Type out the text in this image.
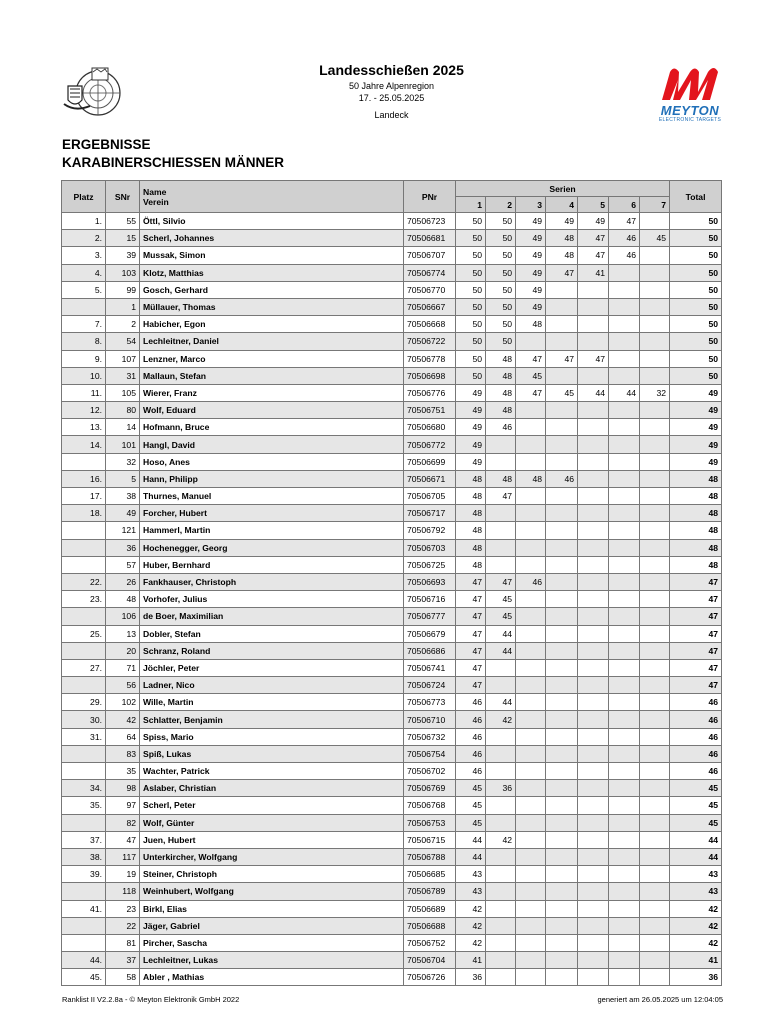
Landesschießen 2025
50 Jahre Alpenregion
17. - 25.05.2025
Landeck	MEYTON
ELECTRONIC TARGETS
ERGEBNISSE
KARABINERSCHIESSEN MÄNNER
Platz	SNr	Name
Verein	PNr	Serien							Total
				1	2	3	4	5	6	7	
1.	55	Öttl, Silvio	70506723	50	50	49	49	49	47		50
2.	15	Scherl, Johannes	70506681	50	50	49	48	47	46	45	50
3.	39	Mussak, Simon	70506707	50	50	49	48	47	46		50
4.	103	Klotz, Matthias	70506774	50	50	49	47	41			50
5.	99	Gosch, Gerhard	70506770	50	50	49					50
	1	Müllauer, Thomas	70506667	50	50	49					50
7.	2	Habicher, Egon	70506668	50	50	48					50
8.	54	Lechleitner, Daniel	70506722	50	50						50
9.	107	Lenzner, Marco	70506778	50	48	47	47	47			50
10.	31	Mallaun, Stefan	70506698	50	48	45					50
11.	105	Wierer, Franz	70506776	49	48	47	45	44	44	32	49
12.	80	Wolf, Eduard	70506751	49	48						49
13.	14	Hofmann, Bruce	70506680	49	46						49
14.	101	Hangl, David	70506772	49							49
	32	Hoso, Anes	70506699	49							49
16.	5	Hann, Philipp	70506671	48	48	48	46				48
17.	38	Thurnes, Manuel	70506705	48	47						48
18.	49	Forcher, Hubert	70506717	48							48
	121	Hammerl, Martin	70506792	48							48
	36	Hochenegger, Georg	70506703	48							48
	57	Huber, Bernhard	70506725	48							48
22.	26	Fankhauser, Christoph	70506693	47	47	46					47
23.	48	Vorhofer, Julius	70506716	47	45						47
	106	de Boer, Maximilian	70506777	47	45						47
25.	13	Dobler, Stefan	70506679	47	44						47
	20	Schranz, Roland	70506686	47	44						47
27.	71	Jöchler, Peter	70506741	47							47
	56	Ladner, Nico	70506724	47							47
29.	102	Wille, Martin	70506773	46	44						46
30.	42	Schlatter, Benjamin	70506710	46	42						46
31.	64	Spiss, Mario	70506732	46							46
	83	Spiß, Lukas	70506754	46							46
	35	Wachter, Patrick	70506702	46							46
34.	98	Aslaber, Christian	70506769	45	36						45
35.	97	Scherl, Peter	70506768	45							45
	82	Wolf, Günter	70506753	45							45
37.	47	Juen, Hubert	70506715	44	42						44
38.	117	Unterkircher, Wolfgang	70506788	44							44
39.	19	Steiner, Christoph	70506685	43							43
	118	Weinhubert, Wolfgang	70506789	43							43
41.	23	Birkl, Elias	70506689	42							42
	22	Jäger, Gabriel	70506688	42							42
	81	Pircher, Sascha	70506752	42							42
44.	37	Lechleitner, Lukas	70506704	41							41
45.	58	Abler , Mathias	70506726	36							36
Ranklist II V2.2.8a - © Meyton Elektronik GmbH 2022	generiert am 26.05.2025 um 12:04:05
